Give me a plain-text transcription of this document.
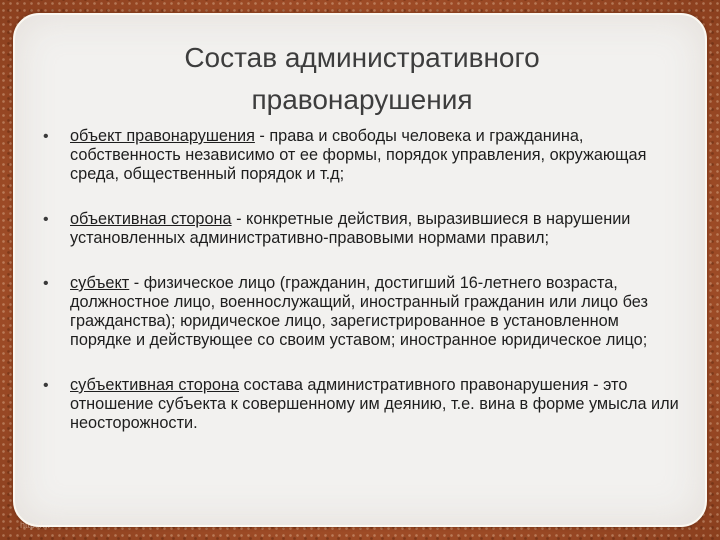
Состав административного
правонарушения
• объект правонарушения - права и свободы человека и гражданина, собственность независимо от ее формы, порядок управления, окружающая среда, общественный порядок и т.д;
• объективная сторона - конкретные действия, выразившиеся в нарушении установленных административно-правовыми нормами правил;
• субъект - физическое лицо (гражданин, достигший 16-летнего возраста, должностное лицо, военнослужащий, иностранный гражданин или лицо без гражданства); юридическое лицо, зарегистрированное в установленном порядке и действующее со своим уставом; иностранное юридическое лицо;
• субъективная сторона состава административного правонарушения - это отношение субъекта к совершенному им деянию, т.е. вина в форме умысла или неосторожности.
http://...
